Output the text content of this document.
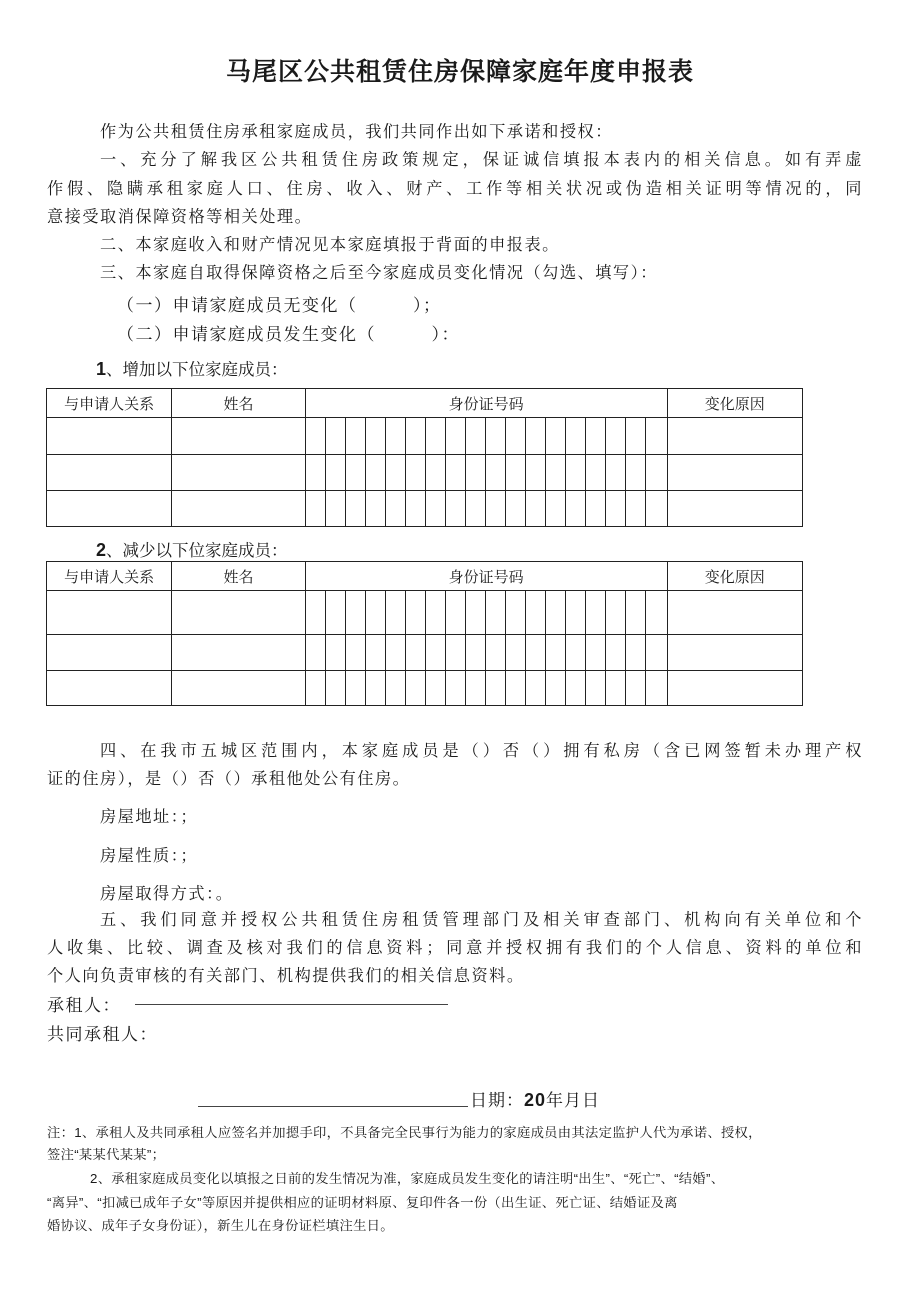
马尾区公共租赁住房保障家庭年度申报表
作为公共租赁住房承租家庭成员，我们共同作出如下承诺和授权：
一、充分了解我区公共租赁住房政策规定，保证诚信填报本表内的相关信息。如有弄虚
作假、隐瞒承租家庭人口、住房、收入、财产、工作等相关状况或伪造相关证明等情况的，同
意接受取消保障资格等相关处理。
二、本家庭收入和财产情况见本家庭填报于背面的申报表。
三、本家庭自取得保障资格之后至今家庭成员变化情况（勾选、填写）：
（一）申请家庭成员无变化（　　　）；
（二）申请家庭成员发生变化（　　　）：
1、增加以下位家庭成员：
与申请人关系	姓名	身份证号码																		变化原因

2、减少以下位家庭成员：
与申请人关系	姓名	身份证号码																		变化原因

四、在我市五城区范围内，本家庭成员是（）否（）拥有私房（含已网签暂未办理产权
证的住房），是（）否（）承租他处公有住房。
房屋地址：；
房屋性质：；
房屋取得方式：。
五、我们同意并授权公共租赁住房租赁管理部门及相关审查部门、机构向有关单位和个
人收集、比较、调查及核对我们的信息资料；同意并授权拥有我们的个人信息、资料的单位和
个人向负责审核的有关部门、机构提供我们的相关信息资料。
承租人：
共同承租人：
日期：20年月日
注：1、承租人及共同承租人应签名并加摁手印，不具备完全民事行为能力的家庭成员由其法定监护人代为承诺、授权，
签注“某某代某某”；
2、承租家庭成员变化以填报之日前的发生情况为准，家庭成员发生变化的请注明“出生”、“死亡”、“结婚”、
“离异”、“扣减已成年子女”等原因并提供相应的证明材料原、复印件各一份（出生证、死亡证、结婚证及离
婚协议、成年子女身份证），新生儿在身份证栏填注生日。
